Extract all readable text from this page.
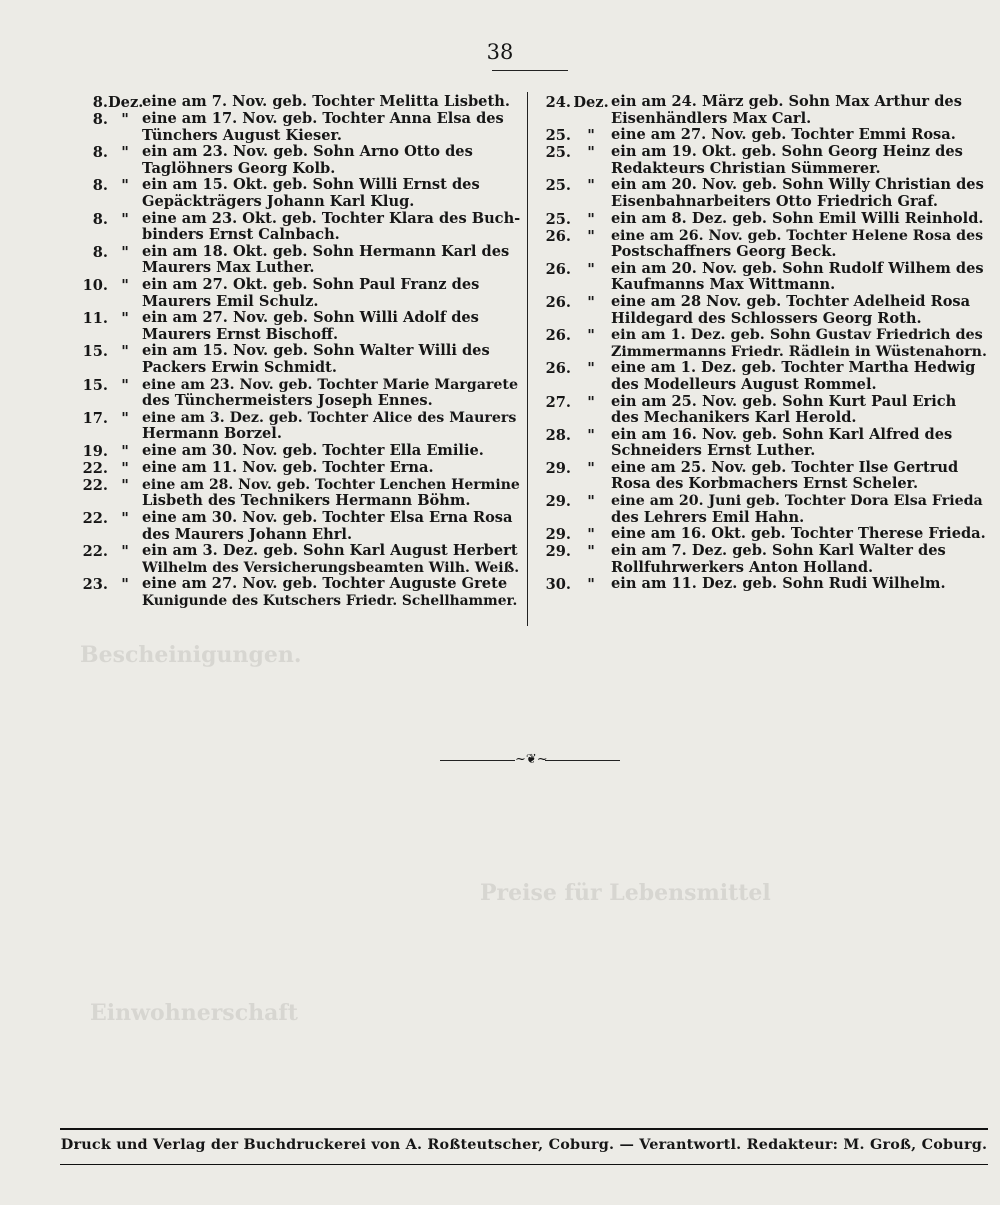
Bescheinigungen.
Einwohnerschaft
Preise für Lebensmittel
38
8. Dez.
eine am 7. Nov. geb. Tochter Melitta Lisbeth.
8. " eine am 17. Nov. geb. Tochter Anna Elsa des
Tünchers August Kieser.
8. " ein am 23. Nov. geb. Sohn Arno Otto des
Taglöhners Georg Kolb.
8. " ein am 15. Okt. geb. Sohn Willi Ernst des
Gepäckträgers Johann Karl Klug.
8. " eine am 23. Okt. geb. Tochter Klara des Buch-
binders Ernst Calnbach.
8. " ein am 18. Okt. geb. Sohn Hermann Karl des
Maurers Max Luther.
10. " ein am 27. Okt. geb. Sohn Paul Franz des
Maurers Emil Schulz.
11. " ein am 27. Nov. geb. Sohn Willi Adolf des
Maurers Ernst Bischoff.
15. " ein am 15. Nov. geb. Sohn Walter Willi des
Packers Erwin Schmidt.
15. " eine am 23. Nov. geb. Tochter Marie Margarete
des Tünchermeisters Joseph Ennes.
17. " eine am 3. Dez. geb. Tochter Alice des Maurers
Hermann Borzel.
19. " eine am 30. Nov. geb. Tochter Ella Emilie.
22. " eine am 11. Nov. geb. Tochter Erna.
22. " eine am 28. Nov. geb. Tochter Lenchen Hermine
Lisbeth des Technikers Hermann Böhm.
22. " eine am 30. Nov. geb. Tochter Elsa Erna Rosa
des Maurers Johann Ehrl.
22. " ein am 3. Dez. geb. Sohn Karl August Herbert
Wilhelm des Versicherungsbeamten Wilh. Weiß.
23. " eine am 27. Nov. geb. Tochter Auguste Grete
Kunigunde des Kutschers Friedr. Schellhammer.
24. Dez. ein am 24. März geb. Sohn Max Arthur des
Eisenhändlers Max Carl.
25.	"	eine am 27. Nov. geb. Tochter Emmi Rosa.
25.	"	ein am 19. Okt. geb. Sohn Georg Heinz des
Redakteurs Christian Sümmerer.
25.	"	ein am 20. Nov. geb. Sohn Willy Christian des
Eisenbahnarbeiters Otto Friedrich Graf.
25.	"	ein am 8. Dez. geb. Sohn Emil Willi Reinhold.
26.	"	eine am 26. Nov. geb. Tochter Helene Rosa des
Postschaffners Georg Beck.
26.	"	ein am 20. Nov. geb. Sohn Rudolf Wilhem des
Kaufmanns Max Wittmann.
26.	"	eine am 28 Nov. geb. Tochter Adelheid Rosa
Hildegard des Schlossers Georg Roth.
26.	"	ein am 1. Dez. geb. Sohn Gustav Friedrich des
Zimmermanns Friedr. Rädlein in Wüstenahorn.
26.	"	eine am 1. Dez. geb. Tochter Martha Hedwig
des Modelleurs August Rommel.
27.	"	ein am 25. Nov. geb. Sohn Kurt Paul Erich
des Mechanikers Karl Herold.
28.	"	ein am 16. Nov. geb. Sohn Karl Alfred des
Schneiders Ernst Luther.
29.	"	eine am 25. Nov. geb. Tochter Ilse Gertrud
Rosa des Korbmachers Ernst Scheler.
29.	"	eine am 20. Juni geb. Tochter Dora Elsa Frieda
des Lehrers Emil Hahn.
29.	"	eine am 16. Okt. geb. Tochter Therese Frieda.
29.	"	ein am 7. Dez. geb. Sohn Karl Walter des
Rollfuhrwerkers Anton Holland.
30.	"	ein am 11. Dez. geb. Sohn Rudi Wilhelm.
~❦~
Druck und Verlag der Buchdruckerei von A. Roßteutscher, Coburg. — Verantwortl. Redakteur: M. Groß, Coburg.
